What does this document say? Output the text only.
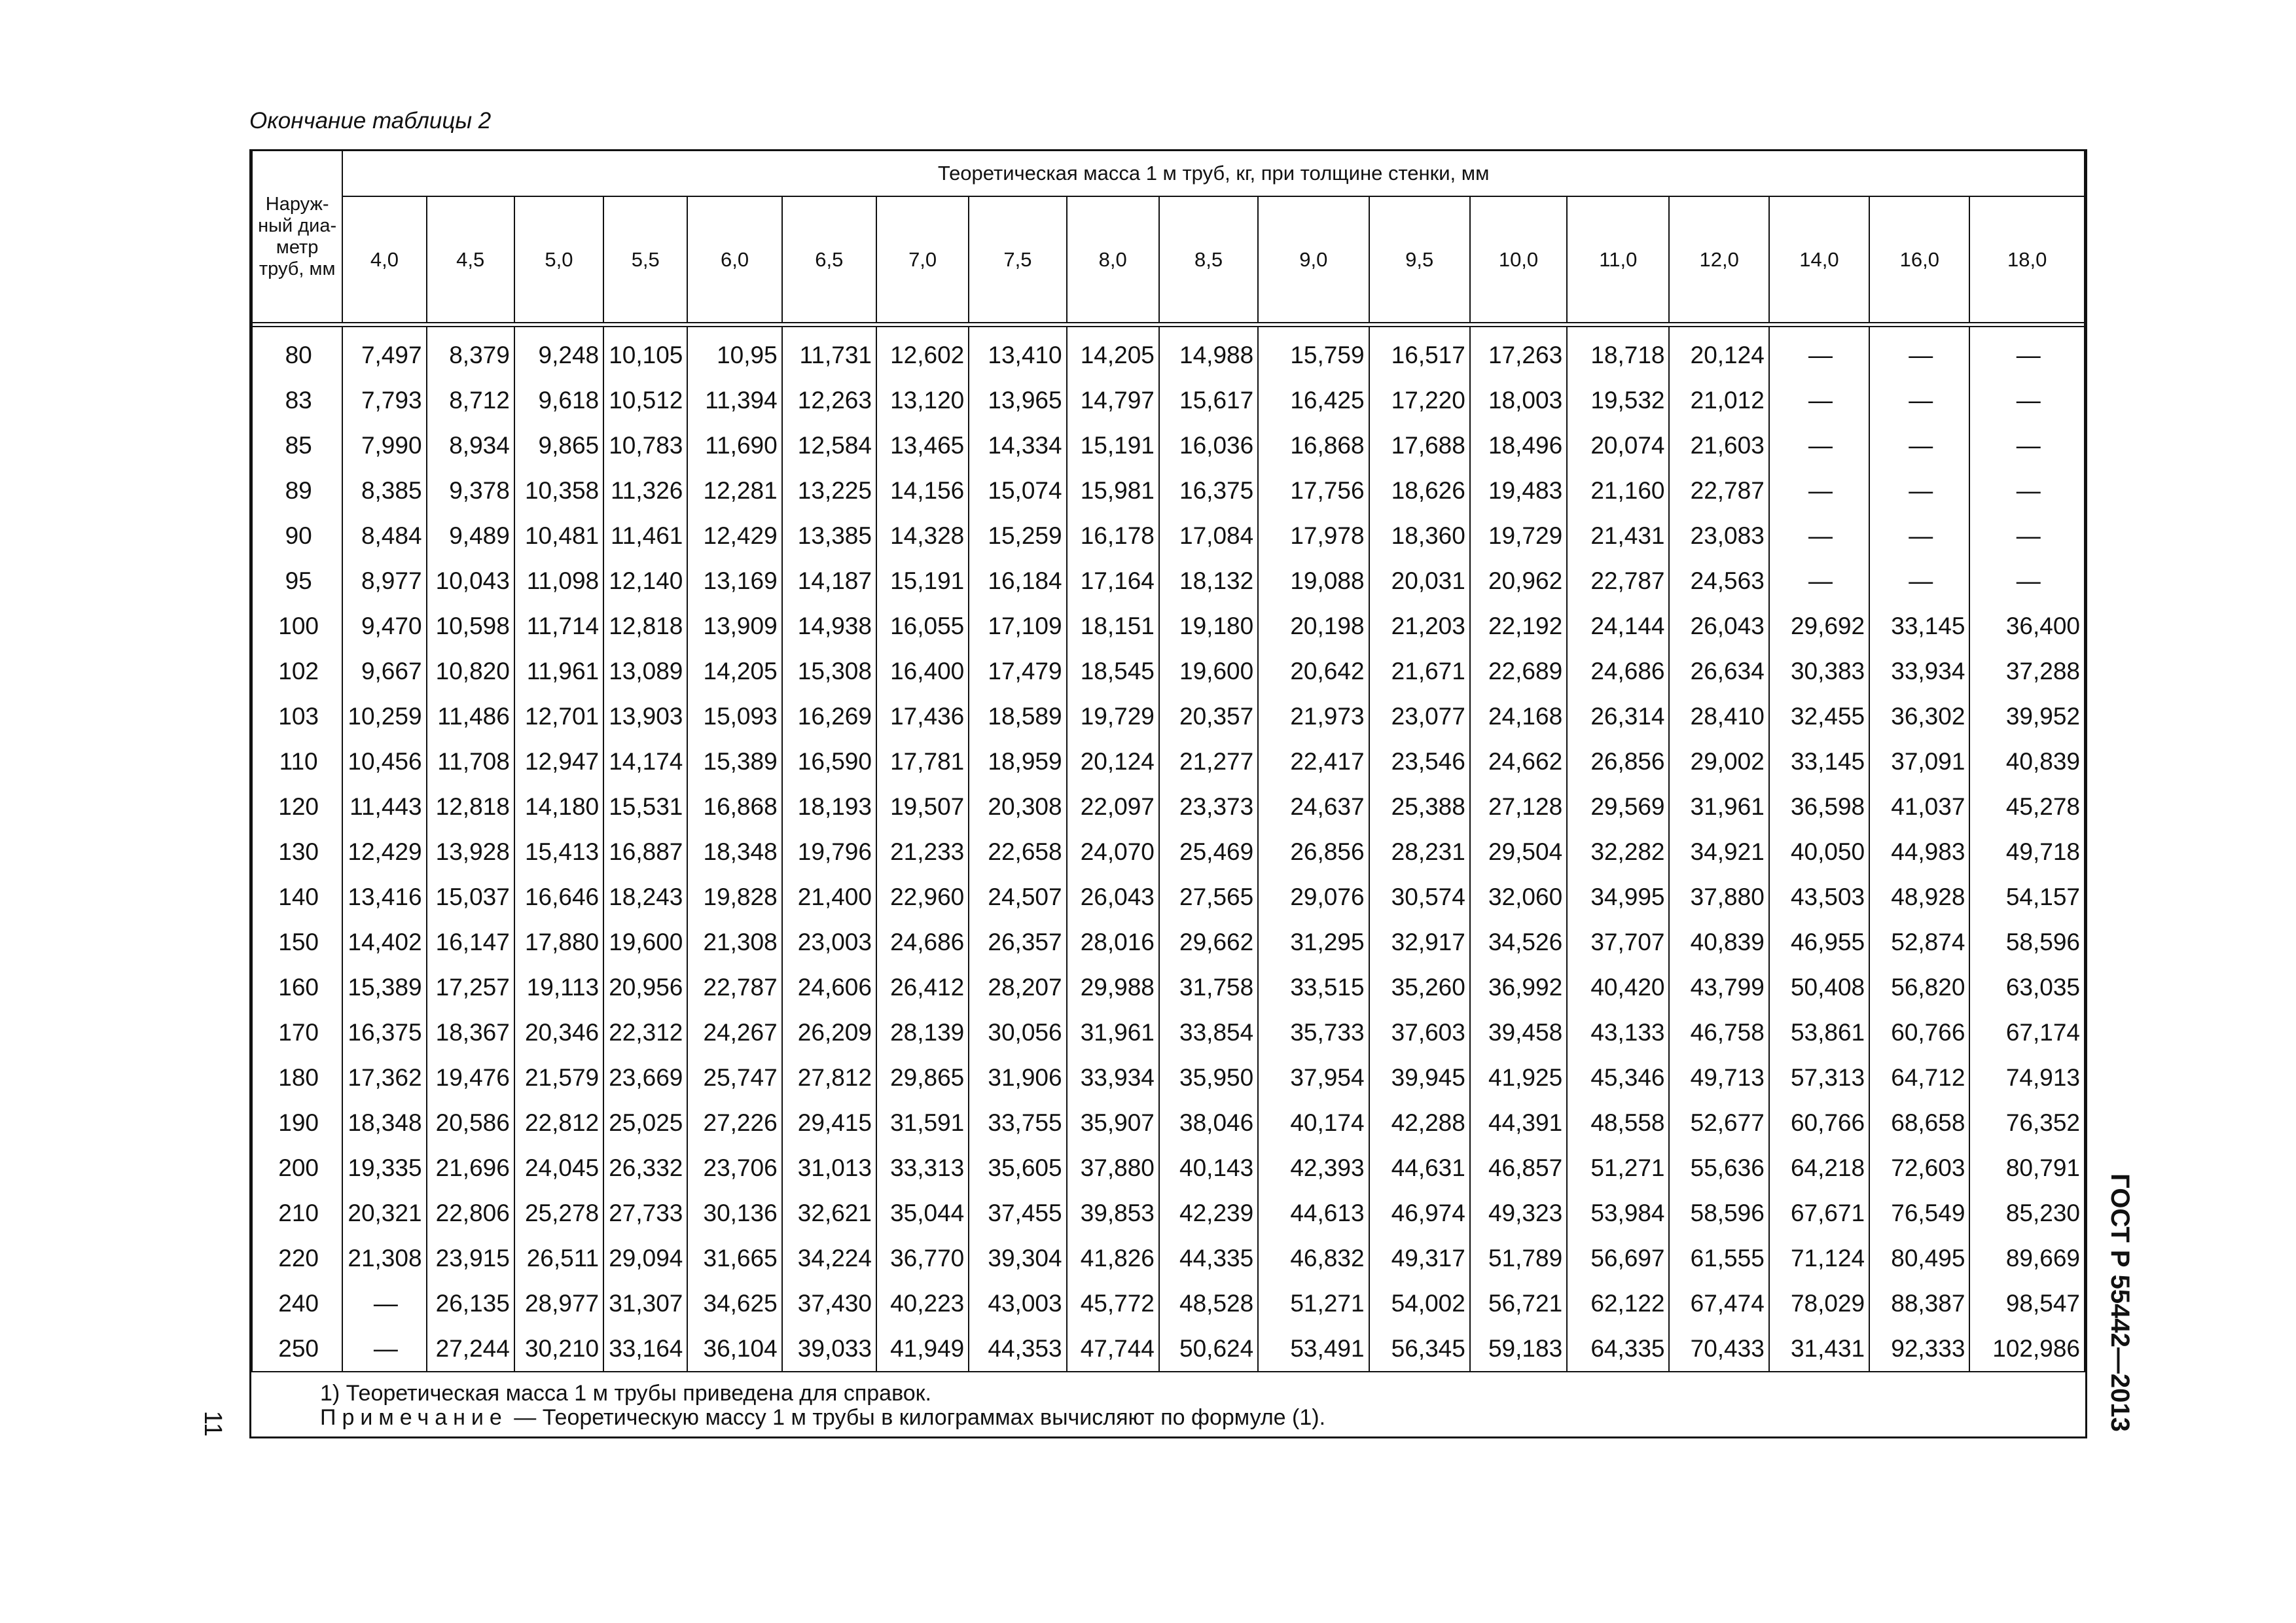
Окончание таблицы 2
Наруж-ный диа-метр труб, мм	Теоретическая масса 1 м труб, кг, при толщине стенки, мм																	
	4,0	4,5	5,0	5,5	6,0	6,5	7,0	7,5	8,0	8,5	9,0	9,5	10,0	11,0	12,0	14,0	16,0	18,0

80	7,497	8,379	9,248	10,105	10,95	11,731	12,602	13,410	14,205	14,988	15,759	16,517	17,263	18,718	20,124	—	—	—
83	7,793	8,712	9,618	10,512	11,394	12,263	13,120	13,965	14,797	15,617	16,425	17,220	18,003	19,532	21,012	—	—	—
85	7,990	8,934	9,865	10,783	11,690	12,584	13,465	14,334	15,191	16,036	16,868	17,688	18,496	20,074	21,603	—	—	—
89	8,385	9,378	10,358	11,326	12,281	13,225	14,156	15,074	15,981	16,375	17,756	18,626	19,483	21,160	22,787	—	—	—
90	8,484	9,489	10,481	11,461	12,429	13,385	14,328	15,259	16,178	17,084	17,978	18,360	19,729	21,431	23,083	—	—	—
95	8,977	10,043	11,098	12,140	13,169	14,187	15,191	16,184	17,164	18,132	19,088	20,031	20,962	22,787	24,563	—	—	—
100	9,470	10,598	11,714	12,818	13,909	14,938	16,055	17,109	18,151	19,180	20,198	21,203	22,192	24,144	26,043	29,692	33,145	36,400
102	9,667	10,820	11,961	13,089	14,205	15,308	16,400	17,479	18,545	19,600	20,642	21,671	22,689	24,686	26,634	30,383	33,934	37,288
103	10,259	11,486	12,701	13,903	15,093	16,269	17,436	18,589	19,729	20,357	21,973	23,077	24,168	26,314	28,410	32,455	36,302	39,952
110	10,456	11,708	12,947	14,174	15,389	16,590	17,781	18,959	20,124	21,277	22,417	23,546	24,662	26,856	29,002	33,145	37,091	40,839
120	11,443	12,818	14,180	15,531	16,868	18,193	19,507	20,308	22,097	23,373	24,637	25,388	27,128	29,569	31,961	36,598	41,037	45,278
130	12,429	13,928	15,413	16,887	18,348	19,796	21,233	22,658	24,070	25,469	26,856	28,231	29,504	32,282	34,921	40,050	44,983	49,718
140	13,416	15,037	16,646	18,243	19,828	21,400	22,960	24,507	26,043	27,565	29,076	30,574	32,060	34,995	37,880	43,503	48,928	54,157
150	14,402	16,147	17,880	19,600	21,308	23,003	24,686	26,357	28,016	29,662	31,295	32,917	34,526	37,707	40,839	46,955	52,874	58,596
160	15,389	17,257	19,113	20,956	22,787	24,606	26,412	28,207	29,988	31,758	33,515	35,260	36,992	40,420	43,799	50,408	56,820	63,035
170	16,375	18,367	20,346	22,312	24,267	26,209	28,139	30,056	31,961	33,854	35,733	37,603	39,458	43,133	46,758	53,861	60,766	67,174
180	17,362	19,476	21,579	23,669	25,747	27,812	29,865	31,906	33,934	35,950	37,954	39,945	41,925	45,346	49,713	57,313	64,712	74,913
190	18,348	20,586	22,812	25,025	27,226	29,415	31,591	33,755	35,907	38,046	40,174	42,288	44,391	48,558	52,677	60,766	68,658	76,352
200	19,335	21,696	24,045	26,332	23,706	31,013	33,313	35,605	37,880	40,143	42,393	44,631	46,857	51,271	55,636	64,218	72,603	80,791
210	20,321	22,806	25,278	27,733	30,136	32,621	35,044	37,455	39,853	42,239	44,613	46,974	49,323	53,984	58,596	67,671	76,549	85,230
220	21,308	23,915	26,511	29,094	31,665	34,224	36,770	39,304	41,826	44,335	46,832	49,317	51,789	56,697	61,555	71,124	80,495	89,669
240	—	26,135	28,977	31,307	34,625	37,430	40,223	43,003	45,772	48,528	51,271	54,002	56,721	62,122	67,474	78,029	88,387	98,547
250	—	27,244	30,210	33,164	36,104	39,033	41,949	44,353	47,744	50,624	53,491	56,345	59,183	64,335	70,433	31,431	92,333	102,986
1) Теоретическая масса 1 м трубы приведена для справок.
Примечание — Теоретическую массу 1 м трубы в килограммах вычисляют по формуле (1).	ГОСТ Р 55442—2013
11
